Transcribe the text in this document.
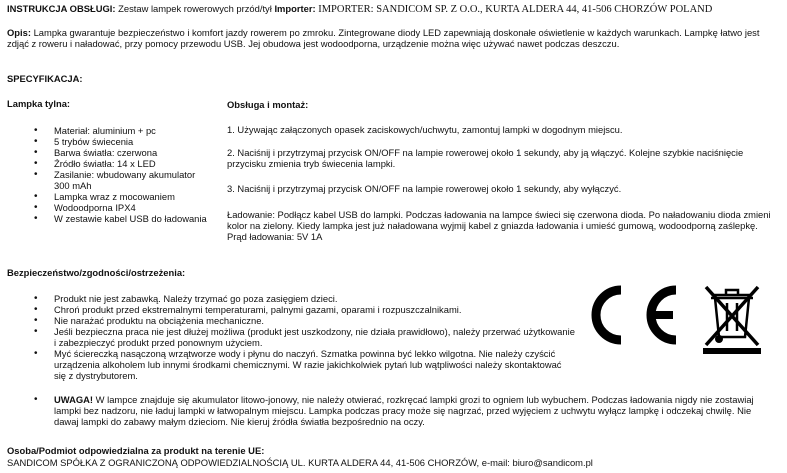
INSTRUKCJA OBSŁUGI: Zestaw lampek rowerowych przód/tył Importer: IMPORTER: SANDICOM SP. Z O.O., KURTA ALDERA 44, 41-506 CHORZÓW POLAND
Opis: Lampka gwarantuje bezpieczeństwo i komfort jazdy rowerem po zmroku. Zintegrowane diody LED zapewniają doskonałe oświetlenie w każdych warunkach. Lampkę łatwo jest zdjąć z roweru i naładować, przy pomocy przewodu USB. Jej obudowa jest wodoodporna, urządzenie można więc używać nawet podczas deszczu.
SPECYFIKACJA:
Lampka tylna:
• Materiał: aluminium + pc
• 5 trybów świecenia
• Barwa światła: czerwona
• Źródło światła: 14 x LED
• Zasilanie: wbudowany akumulator 300 mAh
• Lampka wraz z mocowaniem
• Wodoodporna IPX4
• W zestawie kabel USB do ładowania
Obsługa i montaż:
1. Używając załączonych opasek zaciskowych/uchwytu, zamontuj lampki w dogodnym miejscu.
2. Naciśnij i przytrzymaj przycisk ON/OFF na lampie rowerowej około 1 sekundy, aby ją włączyć. Kolejne szybkie naciśnięcie przycisku zmienia tryb świecenia lampki.
3. Naciśnij i przytrzymaj przycisk ON/OFF na lampie rowerowej około 1 sekundy, aby wyłączyć.
Ładowanie: Podłącz kabel USB do lampki. Podczas ładowania na lampce świeci się czerwona dioda. Po naładowaniu dioda zmieni kolor na zielony. Kiedy lampka jest już naładowana wyjmij kabel z gniazda ładowania i umieść gumową, wodoodporną zaślepkę. Prąd ładowania: 5V 1A
Bezpieczeństwo/zgodności/ostrzeżenia:
• Produkt nie jest zabawką. Należy trzymać go poza zasięgiem dzieci.
• Chroń produkt przed ekstremalnymi temperaturami, palnymi gazami, oparami i rozpuszczalnikami.
• Nie narażać produktu na obciążenia mechaniczne.
• Jeśli bezpieczna praca nie jest dłużej możliwa (produkt jest uszkodzony, nie działa prawidłowo), należy przerwać użytkowanie i zabezpieczyć produkt przed ponownym użyciem.
• Myć ściereczką nasączoną wrzątworze wody i płynu do naczyń. Szmatka powinna być lekko wilgotna. Nie należy czyścić urządzenia alkoholem lub innymi środkami chemicznymi. W razie jakichkolwiek pytań lub wątpliwości należy skontaktować się z dystrybutorem.
• UWAGA! W lampce znajduje się akumulator litowo-jonowy, nie należy otwierać, rozkręcać lampki grozi to ogniem lub wybuchem. Podczas ładowania nigdy nie zostawiaj lampki bez nadzoru, nie ładuj lampki w łatwopalnym miejscu. Lampka podczas pracy może się nagrzać, przed wyjęciem z uchwytu wyłącz lampkę i odczekaj chwilę. Nie dawaj lampki do zabawy małym dzieciom. Nie kieruj źródła światła bezpośrednio na oczy.
Osoba/Podmiot odpowiedzialna za produkt na terenie UE:
SANDICOM SPÓŁKA Z OGRANICZONĄ ODPOWIEDZIALNOŚCIĄ UL. KURTA ALDERA 44, 41-506 CHORZÓW, e-mail: biuro@sandicom.pl
